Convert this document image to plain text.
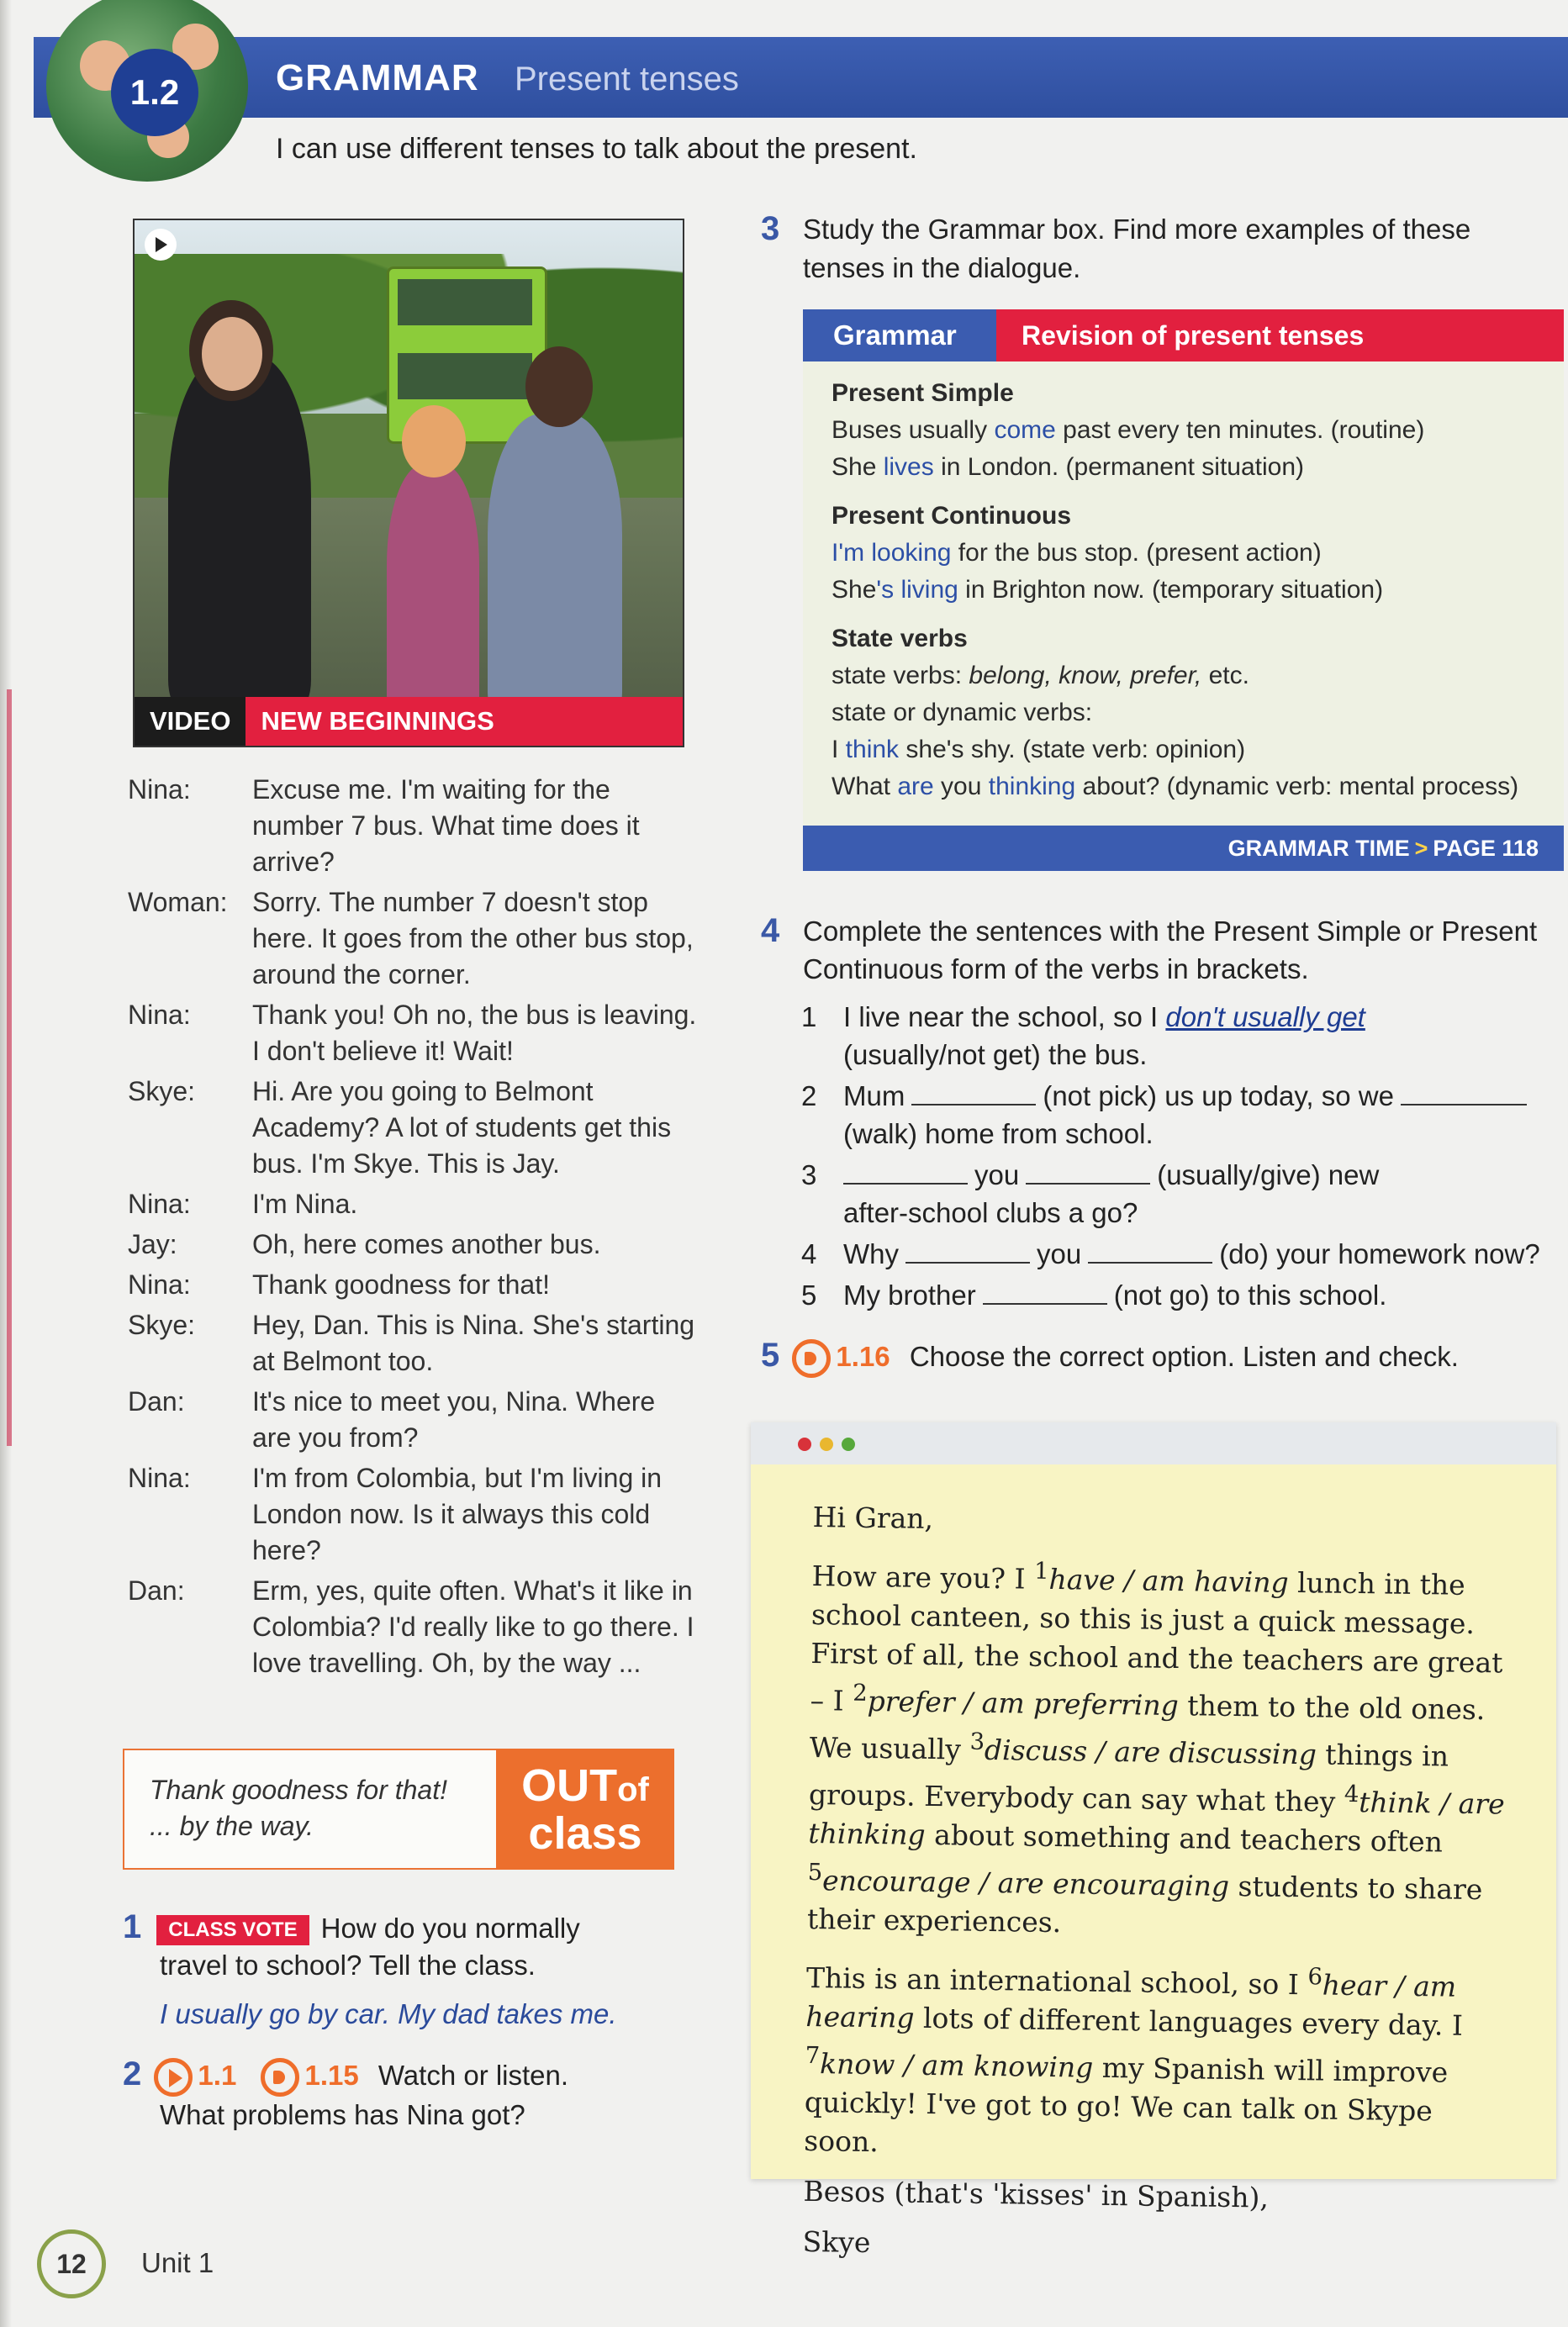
1.2	GRAMMAR Present tenses
I can use different tenses to talk about the present.
VIDEO	NEW BEGINNINGS
Nina:	Excuse me. I'm waiting for the number 7 bus. What time does it arrive?
Woman: Sorry. The number 7 doesn't stop here. It goes from the other bus stop, around the corner.
Nina:	Thank you! Oh no, the bus is leaving. I don't believe it! Wait!
Skye:	Hi. Are you going to Belmont Academy? A lot of students get this bus. I'm Skye. This is Jay.
Nina:	I'm Nina.
Jay:	Oh, here comes another bus.
Nina:	Thank goodness for that!
Skye:	Hey, Dan. This is Nina. She's starting at Belmont too.
Dan:	It's nice to meet you, Nina. Where are you from?
Nina:	I'm from Colombia, but I'm living in London now. Is it always this cold here?
Dan:	Erm, yes, quite often. What's it like in Colombia? I'd really like to go there. I love travelling. Oh, by the way ...
Thank goodness for that!
... by the way.
OUTof
class
1 CLASS VOTE How do you normally
travel to school? Tell the class.
I usually go by car. My dad takes me.
2 1.1 1.15 Watch or listen.
What problems has Nina got?
12	Unit 1
3 Study the Grammar box. Find more examples of these tenses in the dialogue.
Grammar	Revision of present tenses
Present Simple
Buses usually come past every ten minutes. (routine)
She lives in London. (permanent situation)
Present Continuous
I'm looking for the bus stop. (present action)
She's living in Brighton now. (temporary situation)
State verbs
state verbs: belong, know, prefer, etc.
state or dynamic verbs:
I think she's shy. (state verb: opinion)
What are you thinking about? (dynamic verb: mental process)
GRAMMAR TIME > PAGE 118
4 Complete the sentences with the Present Simple or Present Continuous form of the verbs in brackets.
1 I live near the school, so I don't usually get
(usually/not get) the bus.
2 Mum	(not pick) us up today, so we
(walk) home from school.
3	you	(usually/give) new
after-school clubs a go?
4 Why	you	(do) your homework now?
5 My brother	(not go) to this school.
5 1.16 Choose the correct option. Listen and check.

Hi Gran,

How are you? I $^1$have / am having lunch in the school canteen, so this is just a quick message. First of all, the school and the teachers are great – I $^2$prefer / am preferring them to the old ones. We usually $^3$discuss / are discussing things in groups. Everybody can say what they $^4$think / are thinking about something and teachers often $^5$encourage / are encouraging students to share their experiences.

This is an international school, so I $^6$hear / am hearing lots of different languages every day. I $^7$know / am knowing my Spanish will improve quickly! I've got to go! We can talk on Skype soon.

Besos (that's 'kisses' in Spanish),

Skye
